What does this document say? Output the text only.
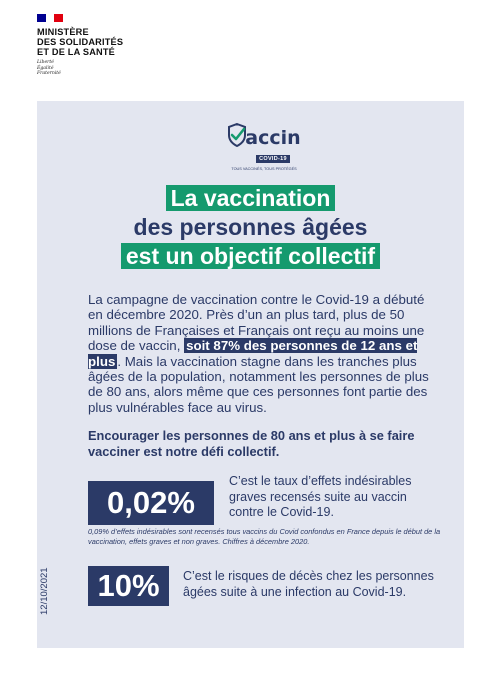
MINISTÈRE
DES SOLIDARITÉS
ET DE LA SANTÉ
Liberté
Égalité
Fraternité
accin
COVID-19
TOUS VACCINÉS, TOUS PROTÉGÉS
La vaccination
des personnes âgées
est un objectif collectif

La campagne de vaccination contre le Covid-19 a débuté en décembre 2020. Près d’un an plus tard, plus de 50 millions de Françaises et Français ont reçu au moins une dose de vaccin, soit 87% des personnes de 12 ans et plus . Mais la vaccination stagne dans les tranches plus âgées de la population, notamment les personnes de plus de 80 ans, alors même que ces personnes font partie des plus vulnérables face au virus.

Encourager les personnes de 80 ans et plus à se faire vacciner est notre défi collectif.
0,02%
C’est le taux d’effets indésirables graves recensés suite au vaccin contre le Covid-19.
0,09% d’effets indésirables sont recensés tous vaccins du Covid confondus en France depuis le début de la vaccination, effets graves et non graves. Chiffres à décembre 2020.
10%	C’est le risques de décès chez les personnes âgées suite à une infection au Covid-19.
12/10/2021
